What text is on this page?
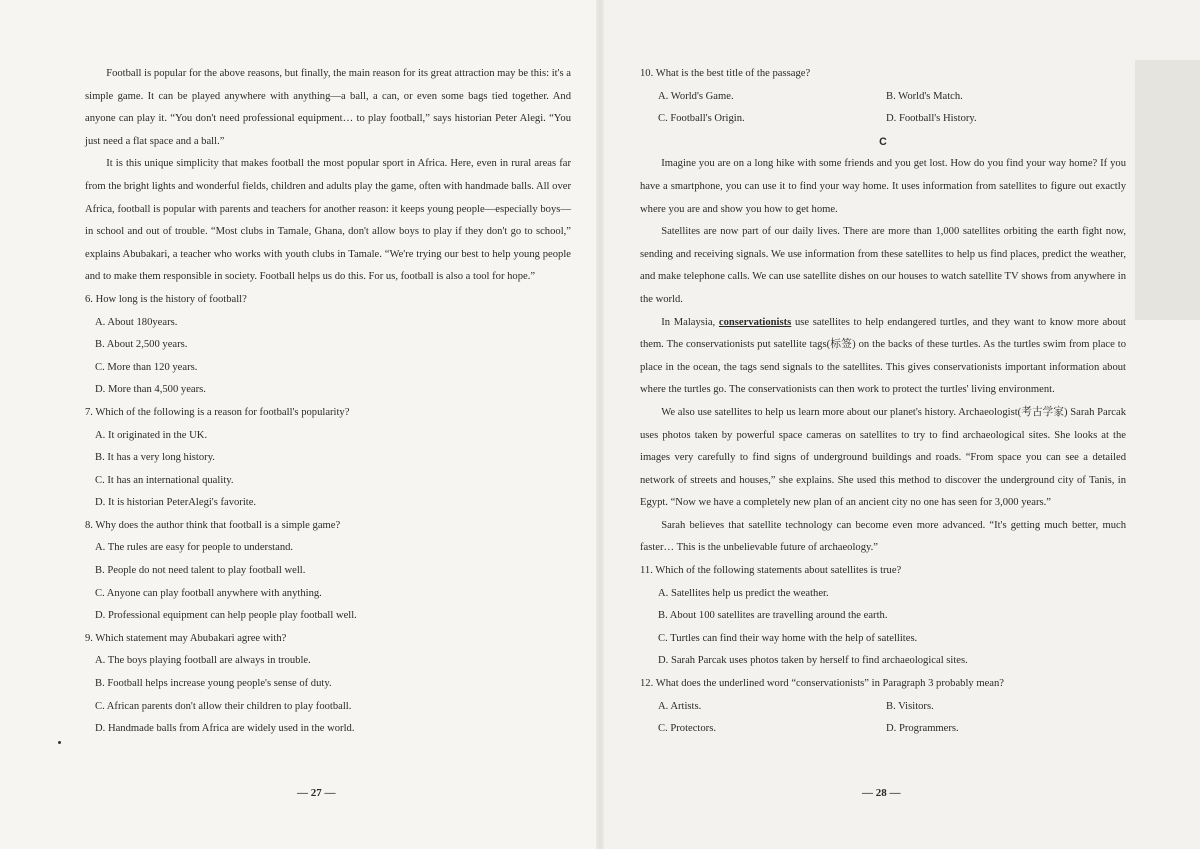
Football is popular for the above reasons, but finally, the main reason for its great attraction may be this: it's a simple game. It can be played anywhere with anything—a ball, a can, or even some bags tied together. And anyone can play it. “You don't need professional equipment… to play football,” says historian Peter Alegi. “You just need a flat space and a ball.”

It is this unique simplicity that makes football the most popular sport in Africa. Here, even in rural areas far from the bright lights and wonderful fields, children and adults play the game, often with handmade balls. All over Africa, football is popular with parents and teachers for another reason: it keeps young people—especially boys—in school and out of trouble. “Most clubs in Tamale, Ghana, don't allow boys to play if they don't go to school,” explains Abubakari, a teacher who works with youth clubs in Tamale. “We're trying our best to help young people and to make them responsible in society. Football helps us do this. For us, football is also a tool for hope.”

6. How long is the history of football?
A. About 180years.
B. About 2,500 years.
C. More than 120 years.
D. More than 4,500 years.
7. Which of the following is a reason for football's popularity?
A. It originated in the UK.
B. It has a very long history.
C. It has an international quality.
D. It is historian PeterAlegi's favorite.
8. Why does the author think that football is a simple game?
A. The rules are easy for people to understand.
B. People do not need talent to play football well.
C. Anyone can play football anywhere with anything.
D. Professional equipment can help people play football well.
9. Which statement may Abubakari agree with?
A. The boys playing football are always in trouble.
B. Football helps increase young people's sense of duty.
C. African parents don't allow their children to play football.
D. Handmade balls from Africa are widely used in the world.
— 27 —
10. What is the best title of the passage?
A. World's Game.	B. World's Match.
C. Football's Origin.	D. Football's History.
C

Imagine you are on a long hike with some friends and you get lost. How do you find your way home? If you have a smartphone, you can use it to find your way home. It uses information from satellites to figure out exactly where you are and show you how to get home.

Satellites are now part of our daily lives. There are more than 1,000 satellites orbiting the earth fight now, sending and receiving signals. We use information from these satellites to help us find places, predict the weather, and make telephone calls. We can use satellite dishes on our houses to watch satellite TV shows from anywhere in the world.

In Malaysia, conservationists use satellites to help endangered turtles, and they want to know more about them. The conservationists put satellite tags(标签) on the backs of these turtles. As the turtles swim from place to place in the ocean, the tags send signals to the satellites. This gives conservationists important information about where the turtles go. The conservationists can then work to protect the turtles' living environment.

We also use satellites to help us learn more about our planet's history. Archaeologist(考古学家) Sarah Parcak uses photos taken by powerful space cameras on satellites to try to find archaeological sites. She looks at the images very carefully to find signs of underground buildings and roads. “From space you can see a detailed network of streets and houses,” she explains. She used this method to discover the underground city of Tanis, in Egypt. “Now we have a completely new plan of an ancient city no one has seen for 3,000 years.”

Sarah believes that satellite technology can become even more advanced. “It's getting much better, much faster… This is the unbelievable future of archaeology.”

11. Which of the following statements about satellites is true?
A. Satellites help us predict the weather.
B. About 100 satellites are travelling around the earth.
C. Turtles can find their way home with the help of satellites.
D. Sarah Parcak uses photos taken by herself to find archaeological sites.
12. What does the underlined word “conservationists” in Paragraph 3 probably mean?
A. Artists.	B. Visitors.
C. Protectors.	D. Programmers.
— 28 —
